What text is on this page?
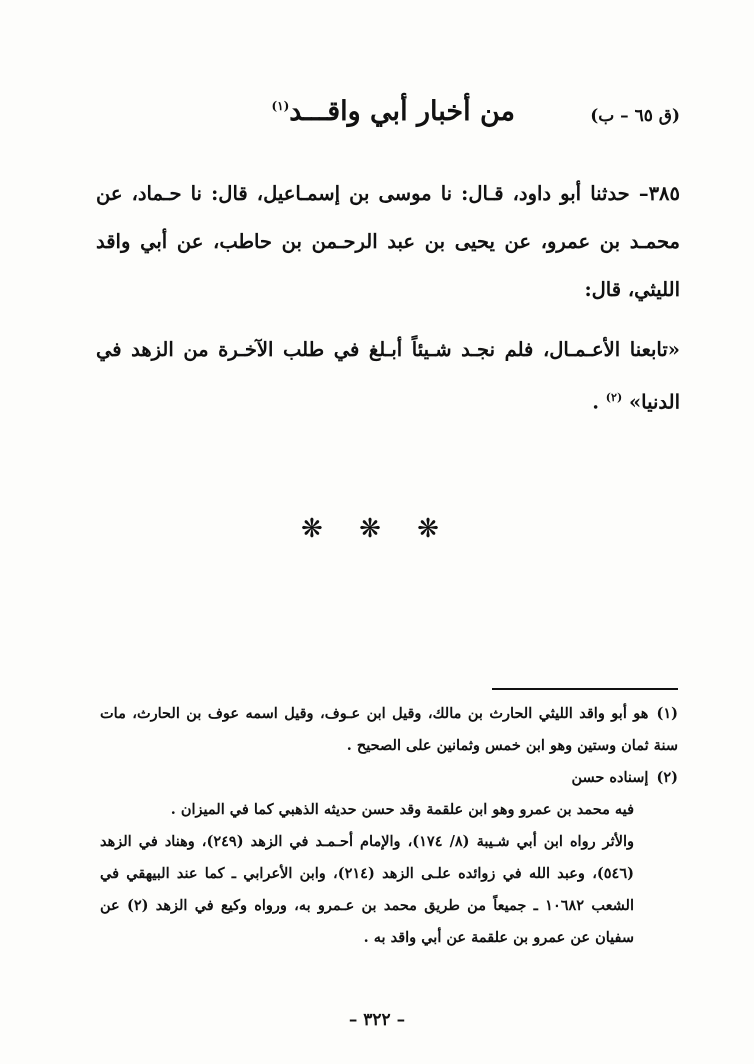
(ق ٦٥ – ب)
من أخبار أبي واقـــد$^{(١)}$

٣٨٥– حدثنا أبو داود، قـال: نا موسى بن إسمـاعيل، قال: نا حـماد، عن محمـد بن عمرو، عن يحيى بن عبد الرحـمن بن حاطب، عن أبي واقد الليثي، قال:

«تابعنا الأعـمـال، فلم نجـد شـيئاً أبـلغ في طلب الآخـرة من الزهد في الدنيا» $^{(٢)}$ .

❋ ❋ ❋

(١)هو أبو واقد الليثي الحارث بن مالك، وقيل ابن عـوف، وقيل اسمه عوف بن الحارث، مات سنة ثمان وستين وهو ابن خمس وثمانين على الصحيح .

(٢)إسناده حسن

فيه محمد بن عمرو وهو ابن علقمة وقد حسن حديثه الذهبي كما في الميزان .

والأثر رواه ابن أبي شـيبة (٨/ ١٧٤)، والإمام أحـمـد في الزهد (٢٤٩)، وهناد في الزهد (٥٤٦)، وعبد الله في زوائده علـى الزهد (٢١٤)، وابن الأعرابي ـ كما عند البيهقي في الشعب ١٠٦٨٢ ـ جميعاً من طريق محمد بن عـمرو به، ورواه وكيع في الزهد (٢) عن سفيان عن عمرو بن علقمة عن أبي واقد به .

– ٣٢٢ –
